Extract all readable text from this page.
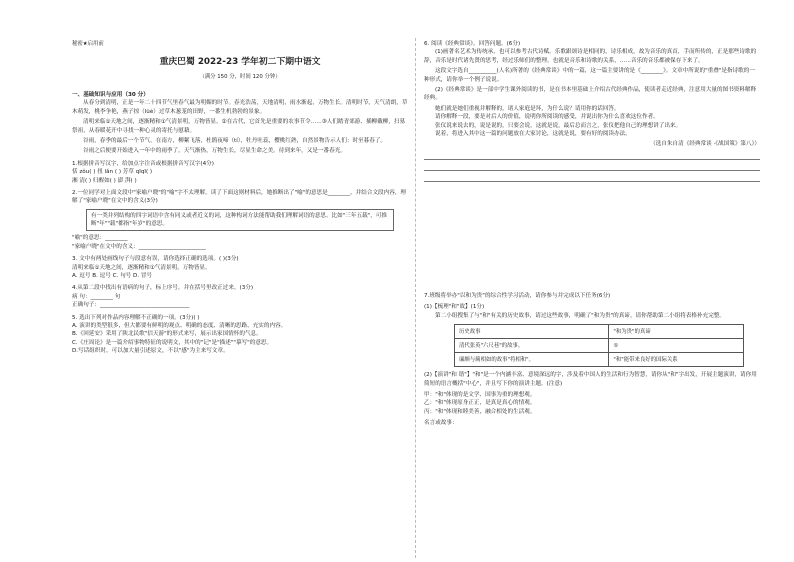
秘密★启用前
重庆巴蜀 2022-23 学年初二下期中语文
（满分 150 分，时间 120 分钟）

一、基础知识与应用（30 分）

从春分到清明，正是一年二十四节气里春气最为明媚的时节。春光浩荡，天地清明，雨水渐起，万物生长。清明时节，天气清朗，草木萌发，桃李争艳，燕子掠（lüè）过草木葱茏的田野，一番生机勃勃的景象。

清明来临①天地之间，逐渐精和①气清景明，万物皆显。②在古代，它首先是重要的农事节令……③人们踏青郊游、插柳戴柳，扫墓祭祖，从春暖花开中寻找一种心灵的寄托与慰藉。

谷雨，春季的最后一个节气。在南方，柳絮飞落，杜鹃夜啼（tí），牡丹吐蕊，樱桃红熟，自然景物告示人们：时至暮春了。

谷雨之后便要开始进入一年中的雨季了，天气渐热，万物生长，尽显生命之美。待到来年，又是一番春光。

1.根据拼音写汉字，给加点字注音或根据拼音写汉字(4分)

恬 zǒu( ) 扭 lǎn ( ) 芳草 qīqī( )

湘 清( ) 归醒如( ) 澎 湃( )

2.一位同学对上面文段中"家喻户晓"的"喻"字不太理解，读了下面这则材料后，她推断出了"喻"的意思是________，并结合文段内容，理解了"家喻户晓"在文中的含义(3分)

有一类并列结构的四字词语中含有同义或者近义的词，这种构词方法能帮助我们理解词语的意思。比如"三年五载"，可推断"年""载"都指"年岁"的意思。

"喻"的意思：________

"家喻户晓"在文中的含义：________________________

3. 文中有两处画线句子与段意有误，请你选择正确的选项。( )(3分)

清明来临①天地之间，逐渐精和①气清景明，万物皆显。

A. 逗号 B. 逗号 C. 句号 D. 冒号

4.从第二段中找出有语病的句子，标上序号，并在括号里改正过来。(3分)

病 句：________ 句

正确句子：________________________________

5. 选出下列对作品内容理解不正确的一项。(3分)( )

A. 演讲的类型很多，但大都要有鲜明的观点、明确的态度、清晰的思路、充实的内容。

B.《回延安》采用了陕北民歌"信天游"的形式来写，展示出家国情怀的气息。

C.《庄周论》是一篇介绍事物特征的说明文，其中的"记"是"描述""摹写"的意思。

D.写话组织时，可以加大量引述原文，不以"感"为主来写文章。

6. 阅读《经典常谈》，回答问题。(6分)

(1)画著名艺术为传统承，也可以参考古代诗赋。乐歌跟颂诗是相同的，诗乐相成，故为音乐的真首，手而所传的，正是那些诗歌的辞，音乐是时代诸先贤的思考，经过乐师们的整理，也就是音乐和诗歌的关系，……音乐的音乐都被保存下来了。

这段文字选自__________(人名)所著的《经典常谈》中的一篇，这一篇主要讲的是《________》。文章中所说的"重叠"是指诗歌的一种形式，请你举一个例子说说。

(2)《经典常谈》是一部中学生课外阅读的书，是在书本里基础上介绍古代经典作品，使读者走近经典，注意用大量的图书资料解释经典。

她们就是她们重视并解释的，诸人家庭是坏，为什么说？请用你的话回答。

请你解释一段，要是对后人的价值，说明你所阅读的感受，并说出你为什么喜欢这位作者。

张仪说来说去的，说是说的，只要会说，这就是说，最后总而言之，张仪把他自己的理想讲了出来。

说着，将进入其中这一篇的问题放在大家讨论，这就是说，要有好的阅读办法。

（选自朱自清《经典常谈 ·《战国策》第八》）

7.班级将举办"以和为贵"的综合性学习活动，请你参与并完成以下任务(6分)

(1)【梳理"和"故】(1分)

第二小组搜集了与"和"有关的历史故事，请过这些故事，明确了"和为贵"的真谛。请你帮助第二小组将表格补充完整。

历史故事	"和为贵"的真谛
清代张英"六尺巷"的故事。	①
廉颇与蔺相如的故事"将相和"。	"和"能带来良好的国际关系

(2)【演讲"和 谐"】"和"是一个内涵丰富、意境深远的字，涉及着中国人的生活和行为智慧，请你从"和"字出发，开展主题演讲，请你用简短的语言概括"中心"，并且写下你的演讲主题。(注意)

甲："和"体现的是文学、国事为重的理想观。

乙："和"体现原身正正，是真是真心的情观。

丙："和"体现和睦美善，融合相处的生活观。

名言或故事：
